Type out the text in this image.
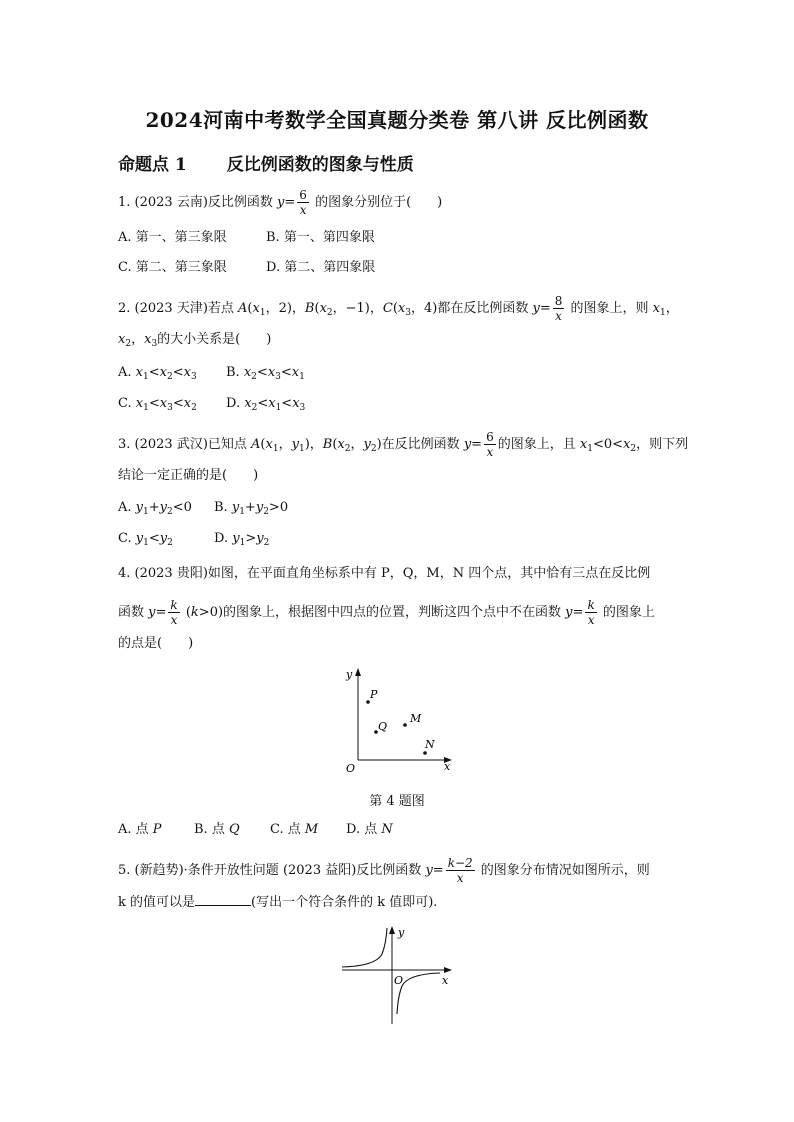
2024河南中考数学全国真题分类卷 第八讲 反比例函数
命题点 1 反比例函数的图象与性质
1. (2023 云南)反比例函数 $y= \frac{6}{x}$ 的图象分别位于(　　)
A. 第一、第三象限	B. 第一、第四象限
C. 第二、第三象限	D. 第二、第四象限
2. (2023 天津)若点 $A(x_1$，2)，$B(x_2$，−1)，$C(x_3$，4)都在反比例函数 $y= \frac{8}{x}$ 的图象上，则 $x_1$，
$x_2$，$x_3$的大小关系是(　　)
A. $x_1<x_2<x_3$ B. $x_2<x_3<x_1$
C. $x_1<x_3<x_2$ D. $x_2<x_1<x_3$
3. (2023 武汉)已知点 $A(x_1$，$y_1$)，$B(x_2$，$y_2$)在反比例函数 $y= \frac{6}{x}$ 的图象上，且 $x_1<0<x_2$，则下列
结论一定正确的是(　　)
A. $y_1+y_2<0$ B. $y_1+y_2>0$
C. $y_1<y_2$	D. $y_1>y_2$
4. (2023 贵阳)如图，在平面直角坐标系中有 P，Q，M，N 四个点，其中恰有三点在反比例
函数 $y= \frac{k}{x} (k>0)$的图象上，根据图中四点的位置，判断这四个点中不在函数 $y= \frac{k}{x}$ 的图象上
的点是(　　)
y
x
O
P
Q
M
N
第 4 题图
A. 点 P B. 点 Q C. 点 M D. 点 N
5. (新趋势)·条件开放性问题 (2023 益阳)反比例函数 $y= \frac{k-2}{x}$ 的图象分布情况如图所示，则
k 的值可以是	(写出一个符合条件的 k 值即可).
y
x
O
